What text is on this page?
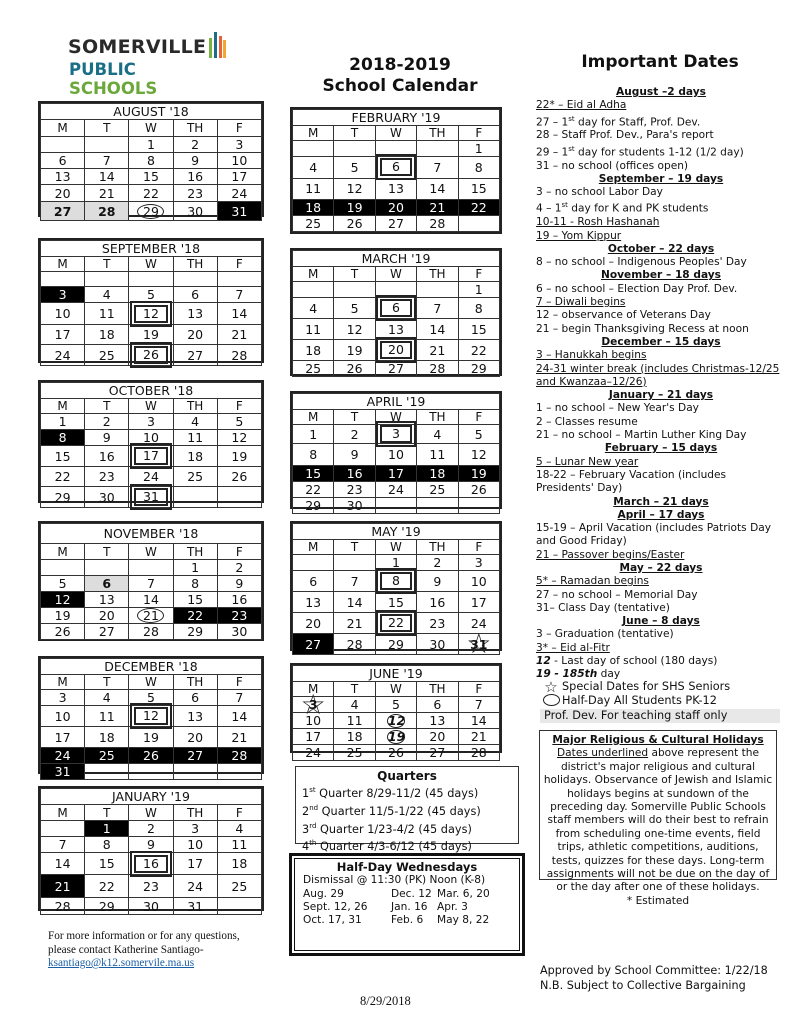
SOMERVILLE
PUBLIC SCHOOLS
2018-2019
School Calendar
Important Dates
AUGUST '18				
M	T	W	TH	F
		1	2	3
6	7	8	9	10
13	14	15	16	17
20	21	22	23	24
27	28	29	30	31
SEPTEMBER '18				
M	T	W	TH	F

3	4	5	6	7
10	11	12	13	14
17	18	19	20	21
24	25	26	27	28
OCTOBER '18				
M	T	W	TH	F
1	2	3	4	5
8	9	10	11	12
15	16	17	18	19
22	23	24	25	26
29	30	31		
NOVEMBER '18				
M	T	W	TH	F
			1	2
5	6	7	8	9
12	13	14	15	16
19	20	21	22	23
26	27	28	29	30
DECEMBER '18				
M	T	W	TH	F
3	4	5	6	7
10	11	12	13	14
17	18	19	20	21
24	25	26	27	28
31				
JANUARY '19				
M	T	W	TH	F
	1	2	3	4
7	8	9	10	11
14	15	16	17	18
21	22	23	24	25
28	29	30	31	
FEBRUARY '19				
M	T	W	TH	F
				1
4	5	6	7	8
11	12	13	14	15
18	19	20	21	22
25	26	27	28	
MARCH '19				
M	T	W	TH	F
				1
4	5	6	7	8
11	12	13	14	15
18	19	20	21	22
25	26	27	28	29
APRIL '19				
M	T	W	TH	F
1	2	3	4	5
8	9	10	11	12
15	16	17	18	19
22	23	24	25	26
29	30			
MAY '19				
M	T	W	TH	F
		1	2	3
6	7	8	9	10
13	14	15	16	17
20	21	22	23	24
27	28	29	30	☆ 31
JUNE '19				
M	T	W	TH	F
☆ 3	4	5	6	7
10	11	12	13	14
17	18	19	20	21
24	25	26	27	28
August –2 days
22* – Eid al Adha
27 – 1st day for Staff, Prof. Dev.
28 – Staff Prof. Dev., Para's report
29 – 1st day for students 1-12 (1/2 day)
31 – no school (offices open)
September – 19 days
3 – no school Labor Day
4 – 1st day for K and PK students
10-11 - Rosh Hashanah
19 – Yom Kippur
October – 22 days
8 – no school – Indigenous Peoples' Day
November – 18 days
6 – no school – Election Day Prof. Dev.
7 – Diwali begins
12 – observance of Veterans Day
21 – begin Thanksgiving Recess at noon
December – 15 days
3 – Hanukkah begins
24-31 winter break (includes Christmas-12/25 and Kwanzaa–12/26)
January – 21 days
1 – no school – New Year's Day
2 – Classes resume
21 – no school – Martin Luther King Day
February – 15 days
5 – Lunar New year
18-22 – February Vacation (includes Presidents' Day)
March – 21 days
April – 17 days
15-19 – April Vacation (includes Patriots Day and Good Friday)
21 – Passover begins/Easter
May – 22 days
5* – Ramadan begins
27 – no school – Memorial Day
31– Class Day (tentative)
June – 8 days
3 – Graduation (tentative)
3* – Eid al-Fitr
12 - Last day of school (180 days)
19 - 185th day
☆ Special Dates for SHS Seniors
Half-Day All Students PK-12
Prof. Dev. For teaching staff only
Major Religious & Cultural Holidays
Dates underlined above represent the district's major religious and cultural holidays. Observance of Jewish and Islamic holidays begins at sundown of the preceding day. Somerville Public Schools staff members will do their best to refrain from scheduling one-time events, field trips, athletic competitions, auditions, tests, quizzes for these days. Long-term assignments will not be due on the day of or the day after one of these holidays.
* Estimated
Quarters
1st Quarter 8/29-11/2 (45 days)
2nd Quarter 11/5-1/22 (45 days)
3rd Quarter 1/23-4/2 (45 days)
4th Quarter 4/3-6/12 (45 days)
Half-Day Wednesdays
Dismissal @ 11:30 (PK) Noon (K-8)
Aug. 29	Dec. 12 Mar. 6, 20
Sept. 12, 26	Jan. 16 Apr. 3
Oct. 17, 31	Feb. 6	May 8, 22
For more information or for any questions, please contact Katherine Santiago-
ksantiago@k12.somervile.ma.us
Approved by School Committee: 1/22/18
N.B. Subject to Collective Bargaining
8/29/2018
